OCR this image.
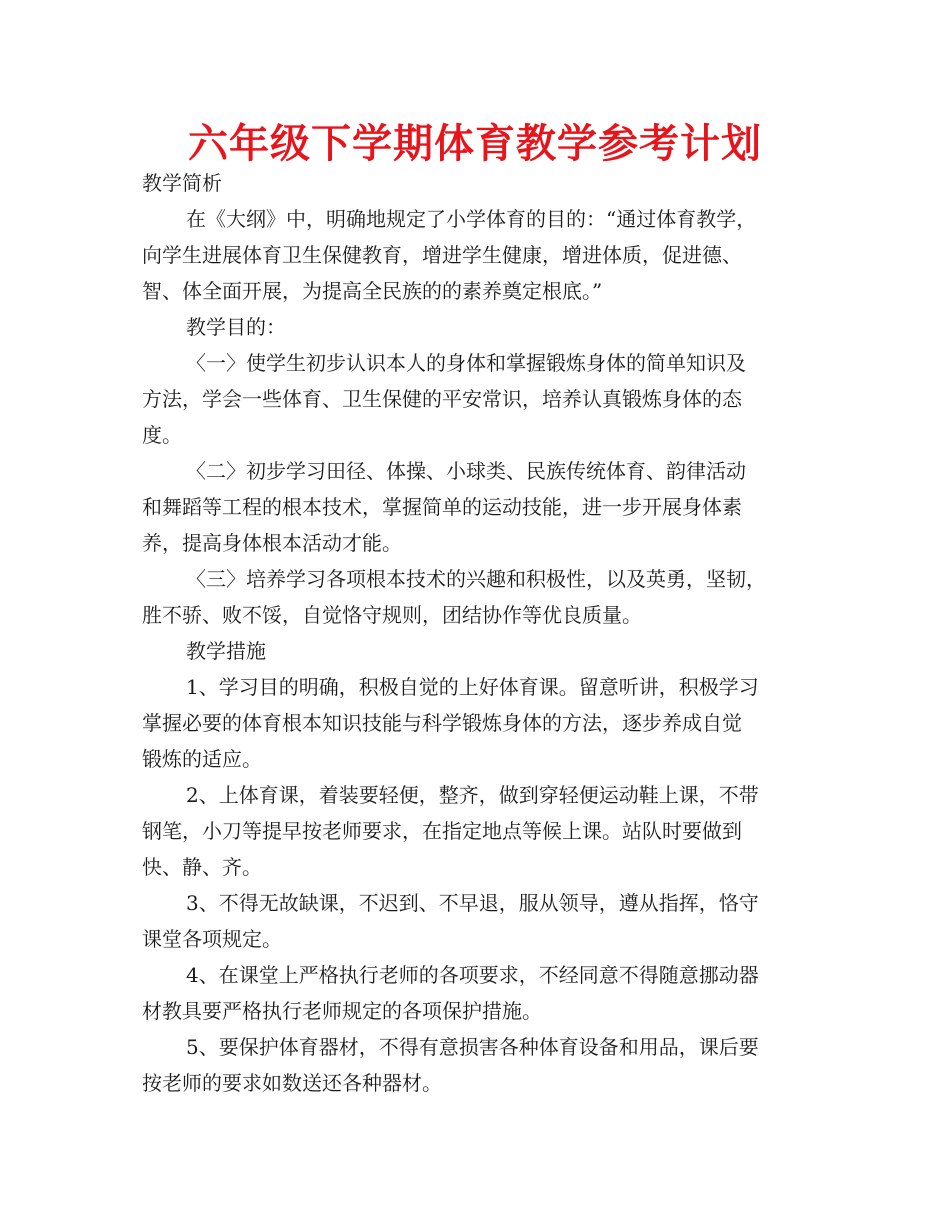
六年级下学期体育教学参考计划
教学简析
在《大纲》中，明确地规定了小学体育的目的：“通过体育教学，
向学生进展体育卫生保健教育，增进学生健康，增进体质，促进德、
智、体全面开展，为提高全民族的的素养奠定根底。”
教学目的：
〈一〉使学生初步认识本人的身体和掌握锻炼身体的简单知识及
方法，学会一些体育、卫生保健的平安常识，培养认真锻炼身体的态
度。
〈二〉初步学习田径、体操、小球类、民族传统体育、韵律活动
和舞蹈等工程的根本技术，掌握简单的运动技能，进一步开展身体素
养，提高身体根本活动才能。
〈三〉培养学习各项根本技术的兴趣和积极性，以及英勇，坚韧，
胜不骄、败不馁，自觉恪守规则，团结协作等优良质量。
教学措施
1、学习目的明确，积极自觉的上好体育课。留意听讲，积极学习
掌握必要的体育根本知识技能与科学锻炼身体的方法，逐步养成自觉
锻炼的适应。
2、上体育课，着装要轻便，整齐，做到穿轻便运动鞋上课，不带
钢笔，小刀等提早按老师要求，在指定地点等候上课。站队时要做到
快、静、齐。
3、不得无故缺课，不迟到、不早退，服从领导，遵从指挥，恪守
课堂各项规定。
4、在课堂上严格执行老师的各项要求，不经同意不得随意挪动器
材教具要严格执行老师规定的各项保护措施。
5、要保护体育器材，不得有意损害各种体育设备和用品，课后要
按老师的要求如数送还各种器材。
